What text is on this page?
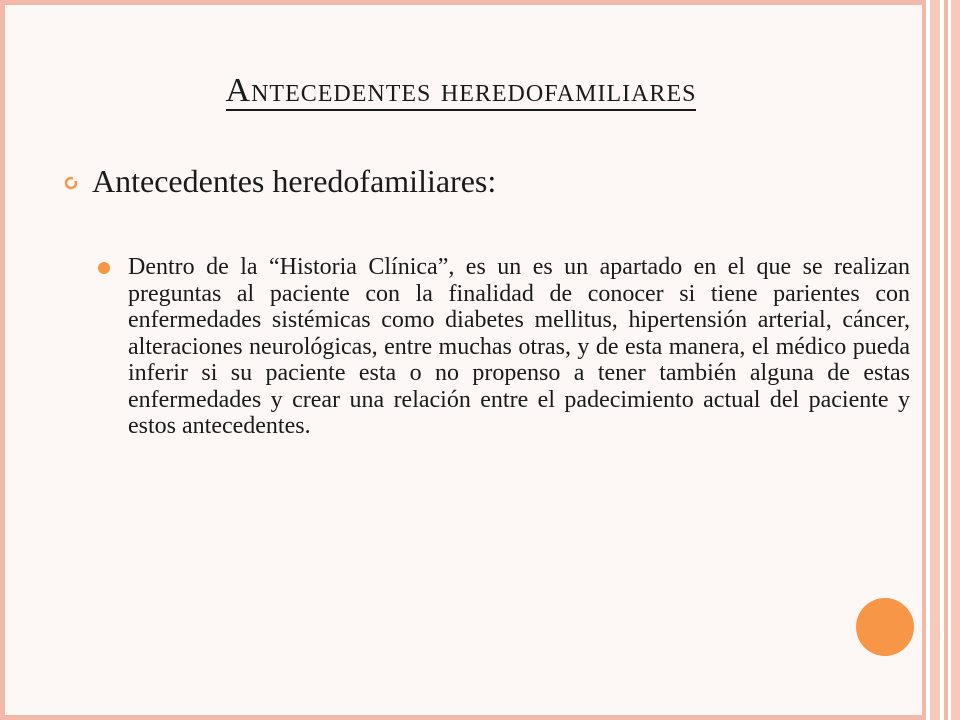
Antecedentes heredofamiliares
Antecedentes heredofamiliares:
Dentro de la “Historia Clínica”, es un es un apartado en el que se realizan preguntas al paciente con la finalidad de conocer si tiene parientes con enfermedades sistémicas como diabetes mellitus, hipertensión arterial, cáncer, alteraciones neurológicas, entre muchas otras, y de esta manera, el médico pueda inferir si su paciente esta o no propenso a tener también alguna de estas enfermedades y crear una relación entre el padecimiento actual del paciente y estos antecedentes.
